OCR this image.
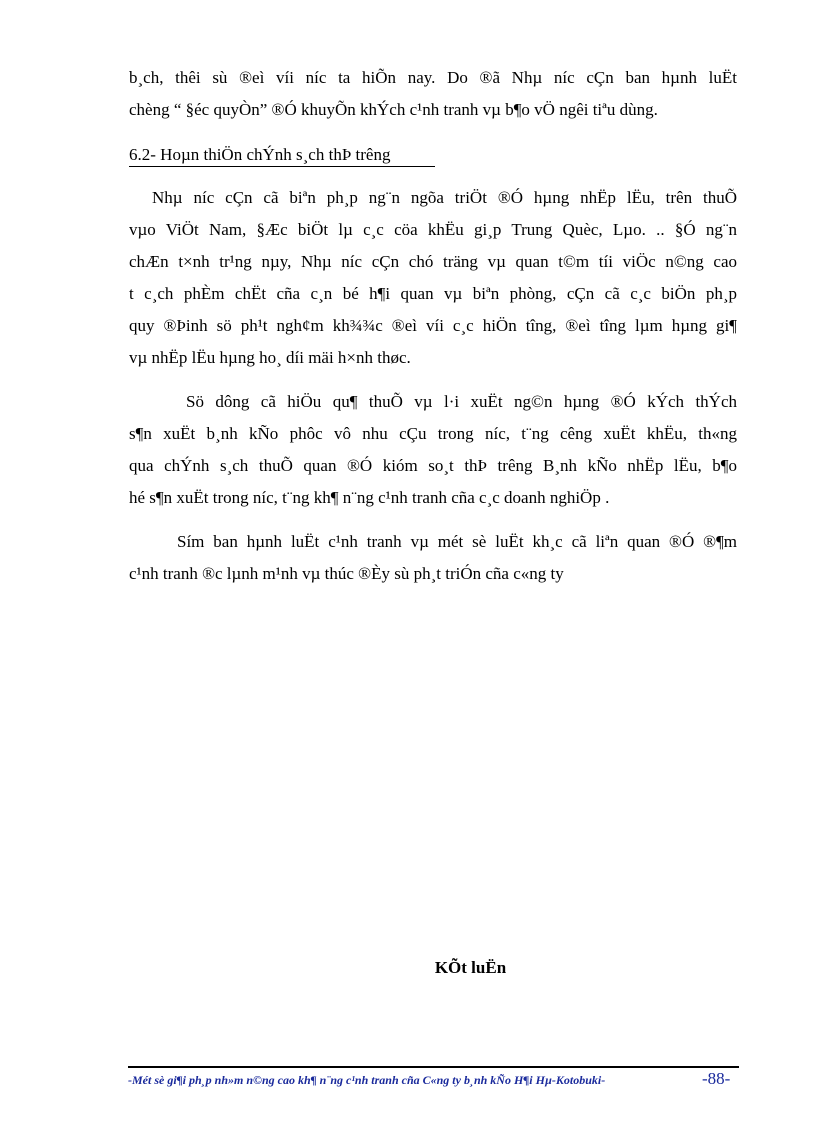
b¸ch, thêi sù ®eì víi níc ta hiÕn nay. Do ®ã Nhµ níc cÇn ban hµnh luËt
chèng “ §éc quyÒn” ®Ó khuyÕn khÝch c¹nh tranh vµ b¶o vÖ ngêi tiªu dùng.
6.2- Hoµn thiÖn chÝnh s¸ch thÞ trêng
Nhµ níc cÇn cã biªn ph¸p ng¨n ngõa triÖt ®Ó hµng nhËp lËu, trên thuÕ
vµo ViÖt Nam, §Æc biÖt lµ c¸c cöa khËu gi¸p Trung Quèc, Lµo. .. §Ó ng¨n
chÆn t×nh tr¹ng nµy, Nhµ níc cÇn chó träng vµ quan t©m tíi viÖc n©ng cao
t c¸ch phÈm chËt cña c¸n bé h¶i quan vµ biªn phòng, cÇn cã c¸c biÖn ph¸p
quy ®Þinh sö ph¹t ngh¢m kh¾¾c ®eì víi c¸c hiÖn tîng, ®eì tîng lµm hµng gi¶
vµ nhËp lËu hµng ho¸ díi mäi h×nh thøc.
Sö dông cã hiÖu qu¶ thuÕ vµ l·i xuËt ng©n hµng ®Ó kÝch thÝch
s¶n xuËt b¸nh kÑo phôc vô nhu cÇu trong níc, t¨ng cêng xuËt khËu, th«ng
qua chÝnh s¸ch thuÕ quan ®Ó kióm so¸t thÞ trêng B¸nh kÑo nhËp lËu, b¶o
hé s¶n xuËt trong níc, t¨ng kh¶ n¨ng c¹nh tranh cña c¸c doanh nghiÖp .
Sím ban hµnh luËt c¹nh tranh vµ mét sè luËt kh¸c cã liªn quan ®Ó ®¶m
c¹nh tranh ®c lµnh m¹nh vµ thúc ®Èy sù ph¸t triÓn cña c«ng ty
KÕt luËn
-Mét sè gi¶i ph¸p nh»m n©ng cao kh¶ n¨ng c¹nh tranh cña C«ng ty b¸nh kÑo H¶i Hµ-Kotobuki-	-88-
